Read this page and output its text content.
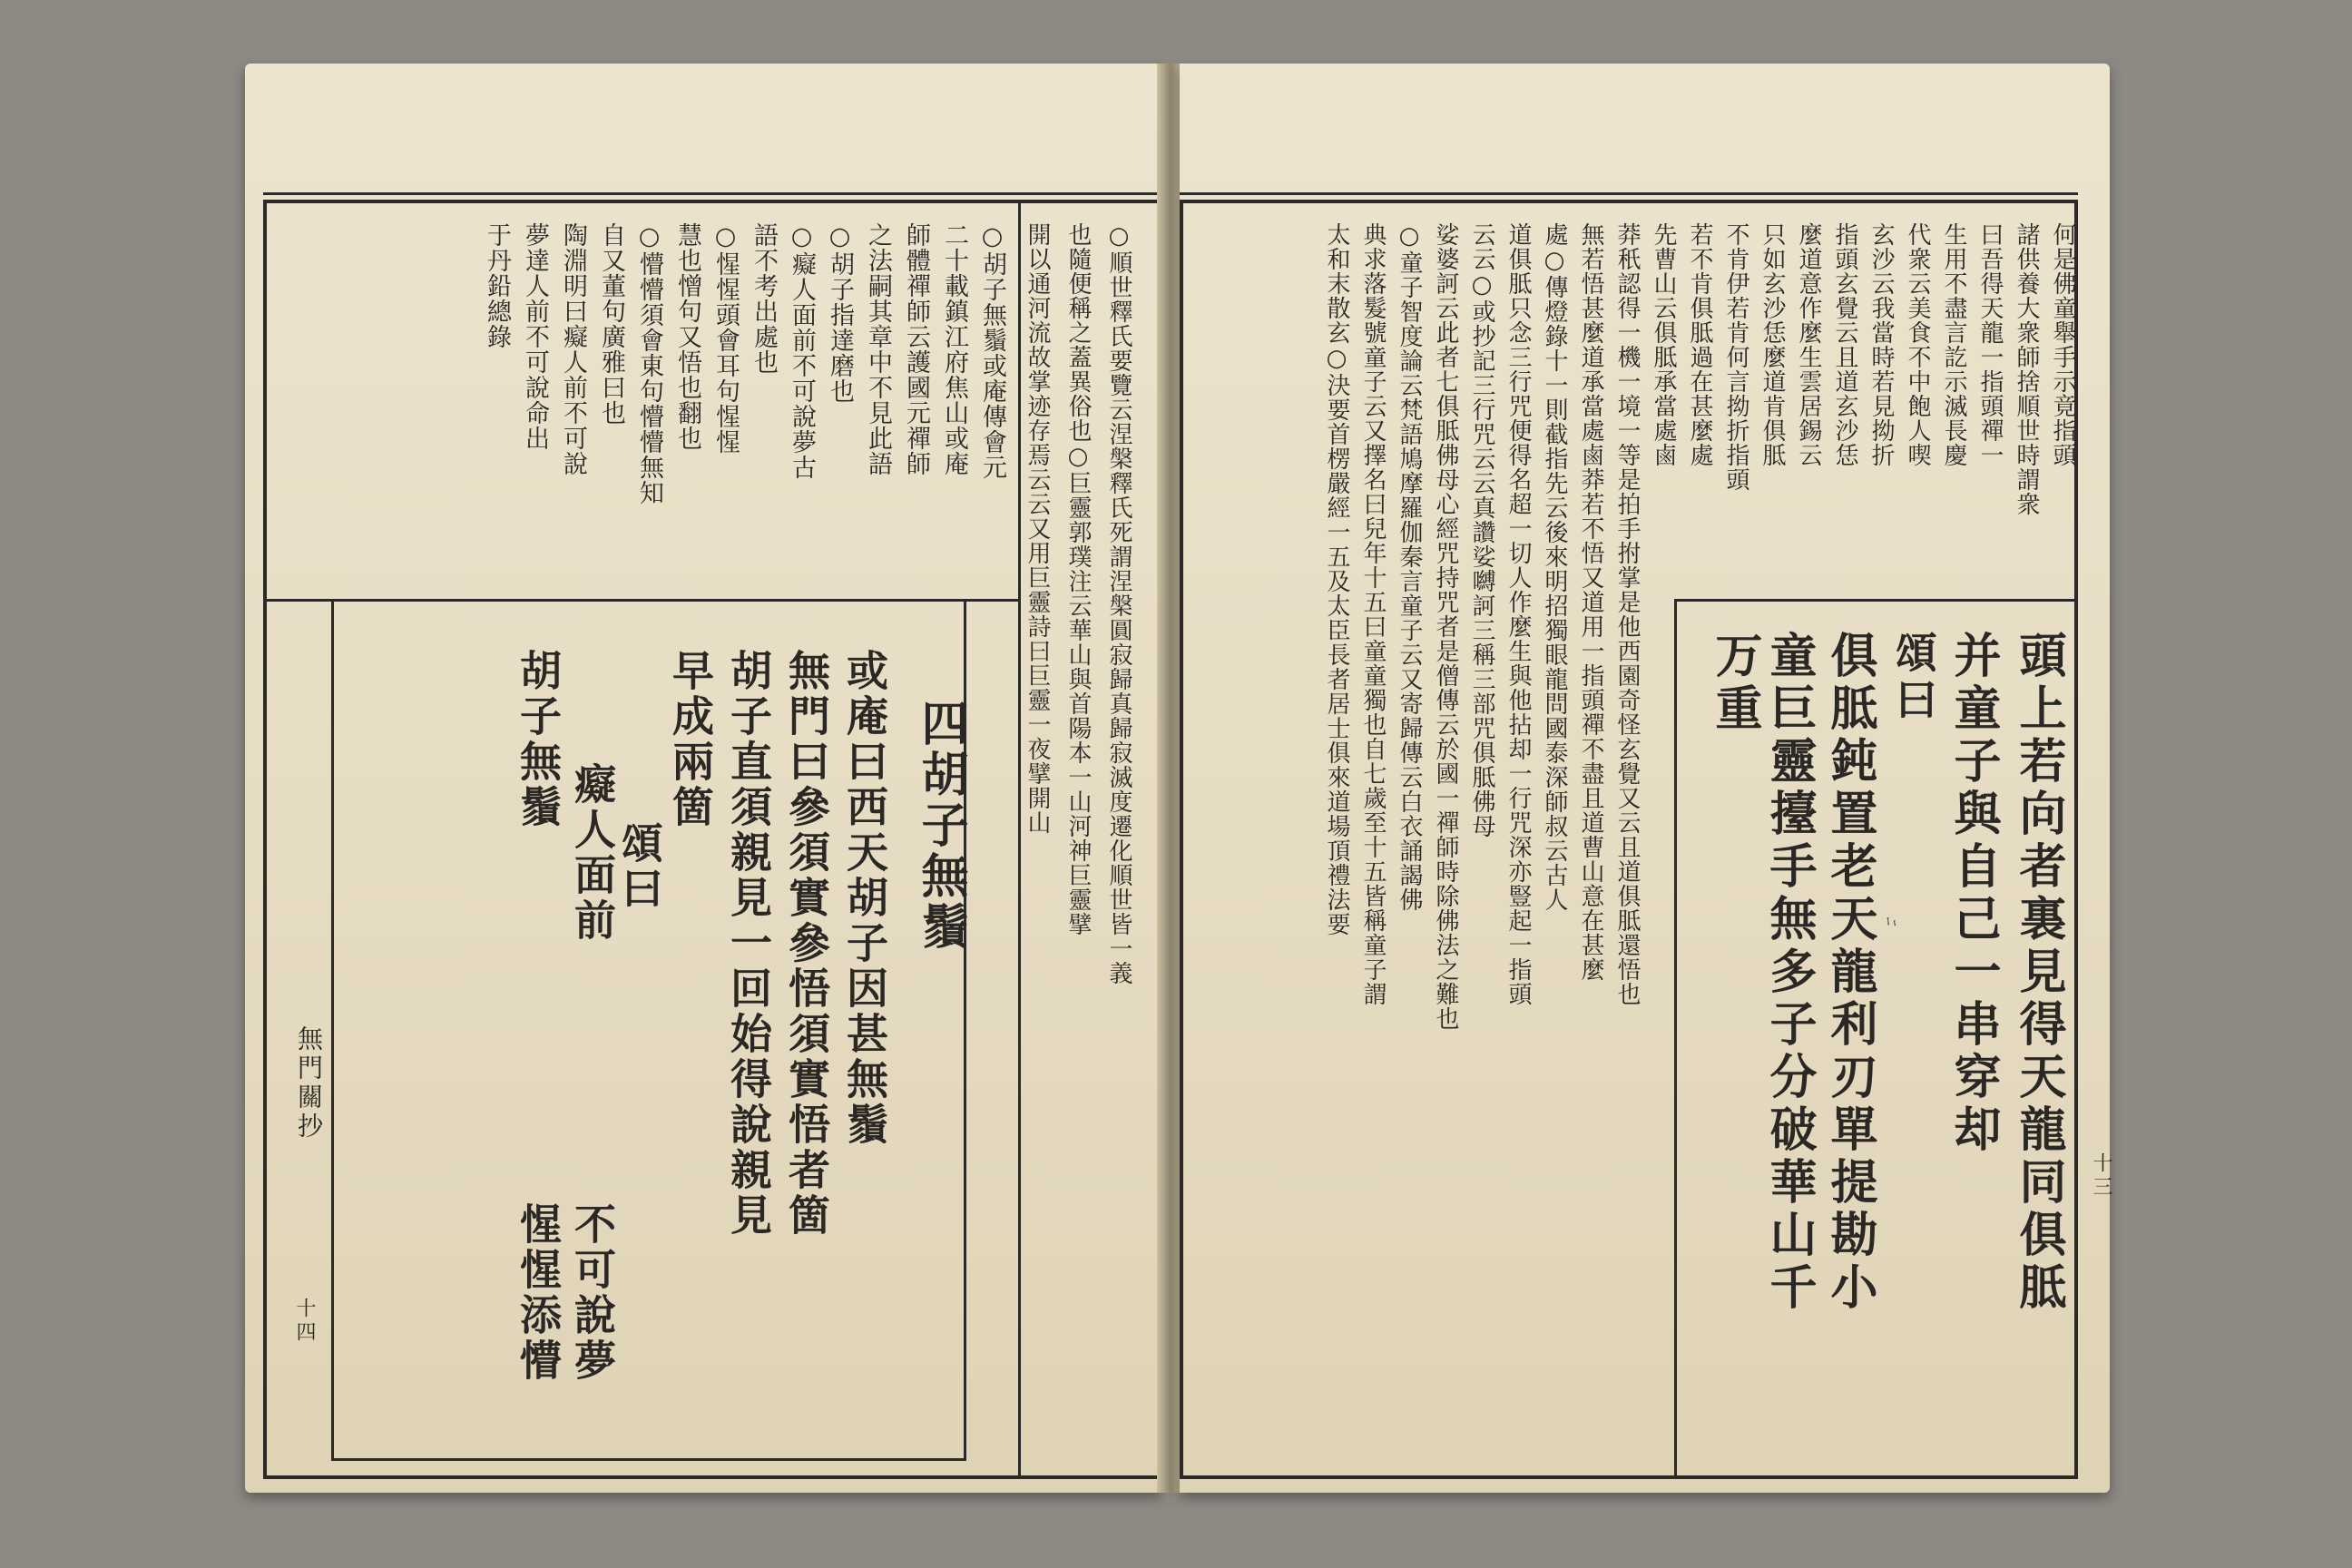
○順世釋氏要覽云涅槃釋氏死謂涅槃圓寂歸真歸寂滅度遷化順世皆一義
也隨便稱之蓋異俗也○巨靈郭璞注云華山與首陽本一山河神巨靈擘
開以通河流故掌迹存焉云云又用巨靈詩曰巨靈一夜擘開山
○胡子無鬚或庵傳會元
二十載鎮江府焦山或庵
師體禪師云護國元禪師
之法嗣其章中不見此語
○胡子指達磨也
○癡人面前不可說夢古
語不考出處也
○惺惺頭會耳句惺惺
慧也憎句又悟也翻也
○懵懵須會東句懵懵無知
自又董句廣雅曰也
陶淵明曰癡人前不可說
夢達人前不可說命出
于丹鉛總錄
四胡子無鬚
或庵曰西天胡子因甚無鬚
無門曰參須實參悟須實悟者箇
胡子直須親見一回始得說親見
早成兩箇
頌曰
癡人面前
不可說夢
胡子無鬚
惺惺添懵
無門關抄
十四
何是佛童舉手示竟指頭
諸供養大衆師捨順世時謂衆
曰吾得天龍一指頭禪一
生用不盡言訖示滅長慶
代衆云美食不中飽人喫
玄沙云我當時若見拗折
指頭玄覺云且道玄沙恁
麼道意作麼生雲居錫云
只如玄沙恁麼道肯俱胝
不肯伊若肯何言拗折指頭
若不肯俱胝過在甚麼處
先曹山云俱胝承當處鹵
莽秖認得一機一境一等是拍手拊掌是他西園奇怪玄覺又云且道俱胝還悟也
無若悟甚麼道承當處鹵莽若不悟又道用一指頭禪不盡且道曹山意在甚麼
處○傳燈錄十一則截指先云後來明招獨眼龍問國泰深師叔云古人
道俱胝只念三行咒便得名超一切人作麼生與他拈却一行咒深亦豎起一指頭
云云○或抄記三行咒云云真讚娑嚩訶三稱三部咒俱胝佛母
娑婆訶云此者七俱胝佛母心經咒持咒者是僧傳云於國一禪師時除佛法之難也
○童子智度論云梵語鳩摩羅伽秦言童子云又寄歸傳云白衣誦謁佛
典求落髮號童子云又擇名曰兒年十五曰童童獨也自七歲至十五皆稱童子謂
太和末散玄○決要首楞嚴經一五及太臣長者居士俱來道場頂禮法要
頭上若向者裏見得天龍同俱胝
并童子與自己一串穿却
頌曰
俱胝鈍置老天龍利刃單提勘小
童巨靈擡手無多子分破華山千
万重
十三
ﾆ
